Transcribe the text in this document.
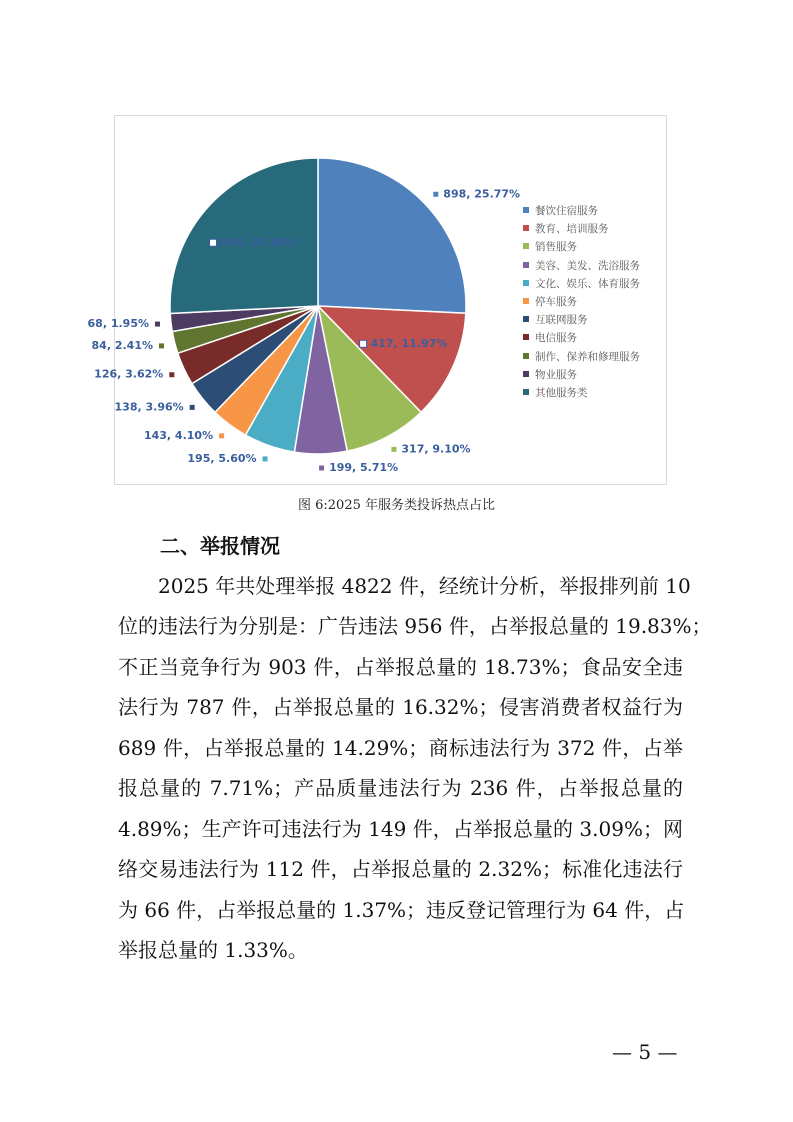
898, 25.77%
417, 11.97%
317, 9.10%
199, 5.71%
195, 5.60%
143, 4.10%
138, 3.96%
126, 3.62%
84, 2.41%
68, 1.95%
899, 25.80%
餐饮住宿服务
教育、培训服务
销售服务
美容、美发、洗浴服务
文化、娱乐、体育服务
停车服务
互联网服务
电信服务
制作、保养和修理服务
物业服务
其他服务类
图 6:2025 年服务类投诉热点占比
二、举报情况
　　2025 年共处理举报 4822 件，经统计分析，举报排列前 10
位的违法行为分别是：广告违法 956 件，占举报总量的 19.83%；
不正当竞争行为 903 件，占举报总量的 18.73%；食品安全违
法行为 787 件，占举报总量的 16.32%；侵害消费者权益行为
689 件，占举报总量的 14.29%；商标违法行为 372 件，占举
报总量的 7.71%；产品质量违法行为 236 件，占举报总量的
4.89%；生产许可违法行为 149 件，占举报总量的 3.09%；网
络交易违法行为 112 件，占举报总量的 2.32%；标准化违法行
为 66 件，占举报总量的 1.37%；违反登记管理行为 64 件，占
举报总量的 1.33%。
— 5 —
